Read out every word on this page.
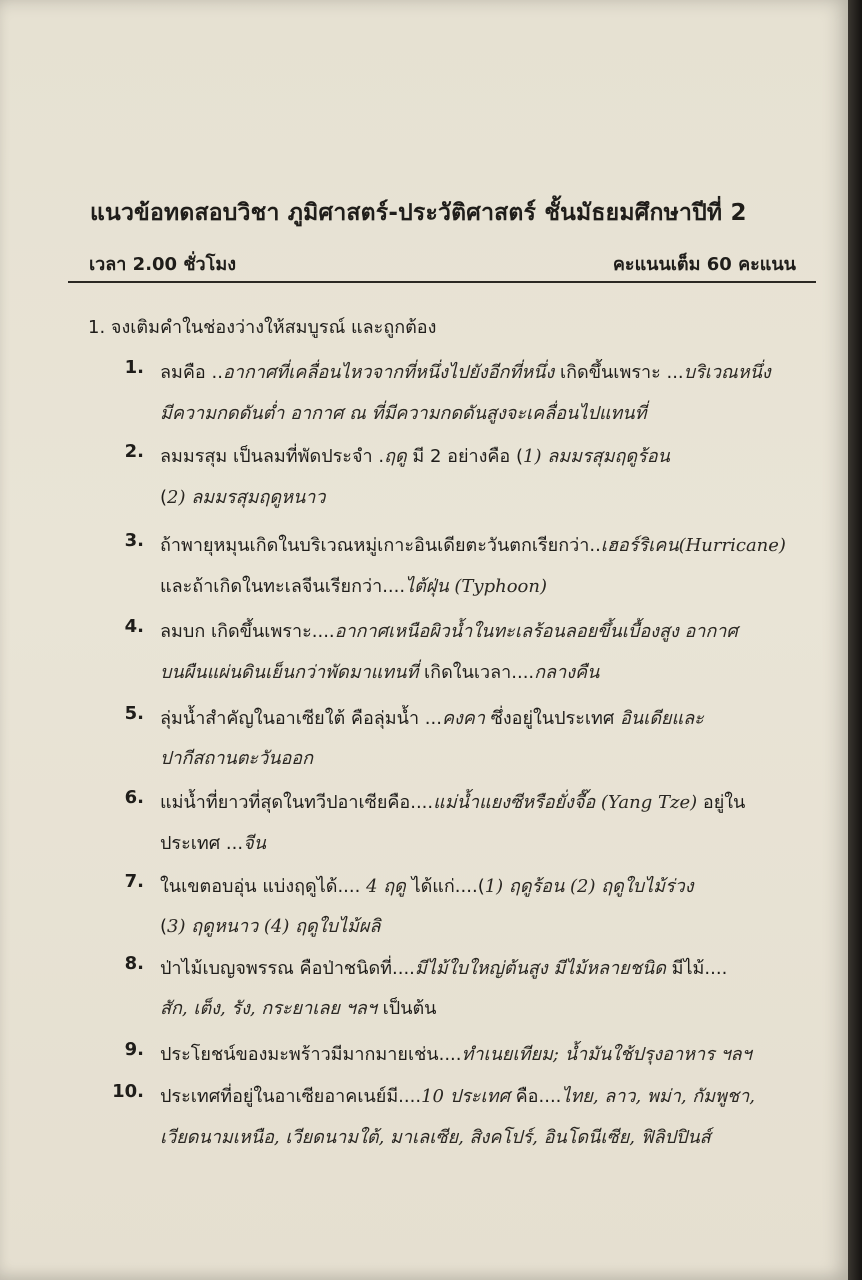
แนวข้อทดสอบวิชา ภูมิศาสตร์-ประวัติศาสตร์ ชั้นมัธยมศึกษาปีที่ 2
เวลา 2.00 ชั่วโมง	คะแนนเต็ม 60 คะแนน
1. จงเติมคำในช่องว่างให้สมบูรณ์ และถูกต้อง
1. ลมคือ ..อากาศที่เคลื่อนไหวจากที่หนึ่งไปยังอีกที่หนึ่ง เกิดขึ้นเพราะ ...บริเวณหนึ่ง
มีความกดดันต่ำ อากาศ ณ ที่มีความกดดันสูงจะเคลื่อนไปแทนที่
2. ลมมรสุม เป็นลมที่พัดประจำ .ฤดู มี 2 อย่างคือ (1) ลมมรสุมฤดูร้อน
(2) ลมมรสุมฤดูหนาว
3. ถ้าพายุหมุนเกิดในบริเวณหมู่เกาะอินเดียตะวันตกเรียกว่า..เฮอร์ริเคน(Hurricane)
และถ้าเกิดในทะเลจีนเรียกว่า....ไต้ฝุ่น (Typhoon)
4. ลมบก เกิดขึ้นเพราะ....อากาศเหนือผิวน้ำในทะเลร้อนลอยขึ้นเบื้องสูง อากาศ
บนผืนแผ่นดินเย็นกว่าพัดมาแทนที่ เกิดในเวลา....กลางคืน
5. ลุ่มน้ำสำคัญในอาเซียใต้ คือลุ่มน้ำ ...คงคา ซึ่งอยู่ในประเทศ อินเดียและ
ปากีสถานตะวันออก
6. แม่น้ำที่ยาวที่สุดในทวีปอาเซียคือ....แม่น้ำแยงซีหรือยั่งจื๊อ (Yang Tze) อยู่ใน
ประเทศ ...จีน
7. ในเขตอบอุ่น แบ่งฤดูได้.... 4 ฤดู ได้แก่....(1) ฤดูร้อน (2) ฤดูใบไม้ร่วง
(3) ฤดูหนาว (4) ฤดูใบไม้ผลิ
8. ป่าไม้เบญจพรรณ คือป่าชนิดที่....มีไม้ใบใหญ่ต้นสูง มีไม้หลายชนิด มีไม้....
สัก, เต็ง, รัง, กระยาเลย ฯลฯ เป็นต้น
9. ประโยชน์ของมะพร้าวมีมากมายเช่น....ทำเนยเทียม; น้ำมันใช้ปรุงอาหาร ฯลฯ
10. ประเทศที่อยู่ในอาเซียอาคเนย์มี....10 ประเทศ คือ....ไทย, ลาว, พม่า, กัมพูชา,
เวียดนามเหนือ, เวียดนามใต้, มาเลเซีย, สิงคโปร์, อินโดนีเซีย, ฟิลิปปินส์
